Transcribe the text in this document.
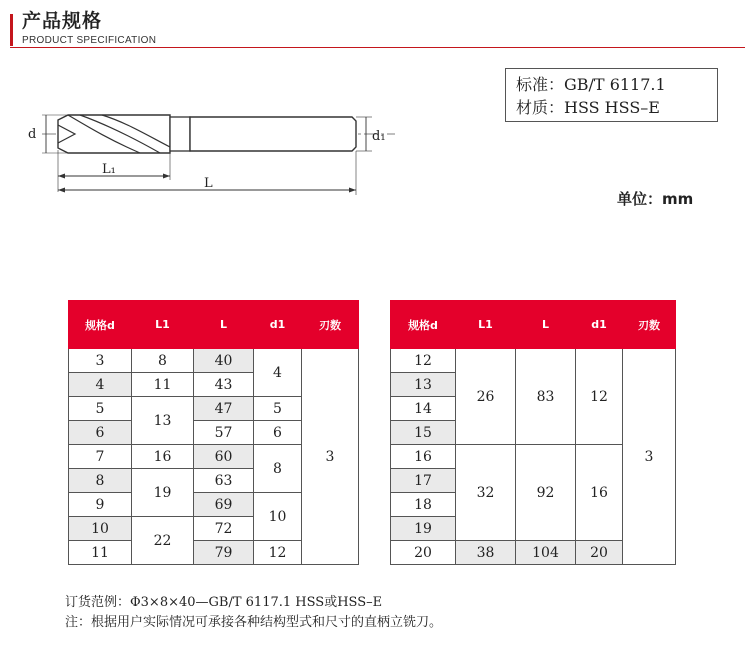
产品规格
PRODUCT SPECIFICATION
标准：GB/T 6117.1
材质：HSS HSS–E
d	d₁
L₁
L
单位：mm
规格d	L1	L	d1	刃数
3	8	40	4	3
4	11	43		
5	13	47	5	
6		57	6	
7	16	60	8	
8	19	63		
9		69	10	
10	22	72		
11		79	12	
规格d	L1	L	d1	刃数
12	26	83	12	3
13				
14				
15				
16	32	92	16	
17				
18				
19				
20	38	104	20	
订货范例：Φ3×8×40—GB/T 6117.1 HSS或HSS–E
注：根据用户实际情况可承接各种结构型式和尺寸的直柄立铣刀。
